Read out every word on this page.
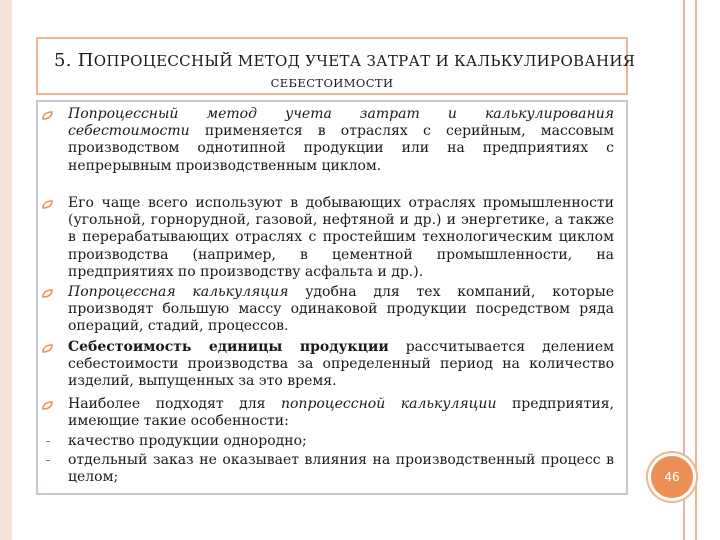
5. ПОПРОЦЕССНЫЙ МЕТОД УЧЕТА ЗАТРАТ И КАЛЬКУЛИРОВАНИЯ
СЕБЕСТОИМОСТИ
Попроцессный метод учета затрат и калькулирования себестоимости применяется в отраслях с серийным, массовым производством однотипной продукции или на предприятиях с непрерывным производственным циклом.
Его чаще всего используют в добывающих отраслях промышленности (угольной, горнорудной, газовой, нефтяной и др.) и энергетике, а также в перерабатывающих отраслях с простейшим технологическим циклом производства (например, в цементной промышленности, на предприятиях по производству асфальта и др.).
Попроцессная калькуляция удобна для тех компаний, которые производят большую массу одинаковой продукции посредством ряда операций, стадий, процессов.
Себестоимость единицы продукции рассчитывается делением себестоимости производства за определенный период на количество изделий, выпущенных за это время.
Наиболее подходят для попроцессной калькуляции предприятия, имеющие такие особенности:
- качество продукции однородно;
- отдельный заказ не оказывает влияния на производственный процесс в целом;	46
